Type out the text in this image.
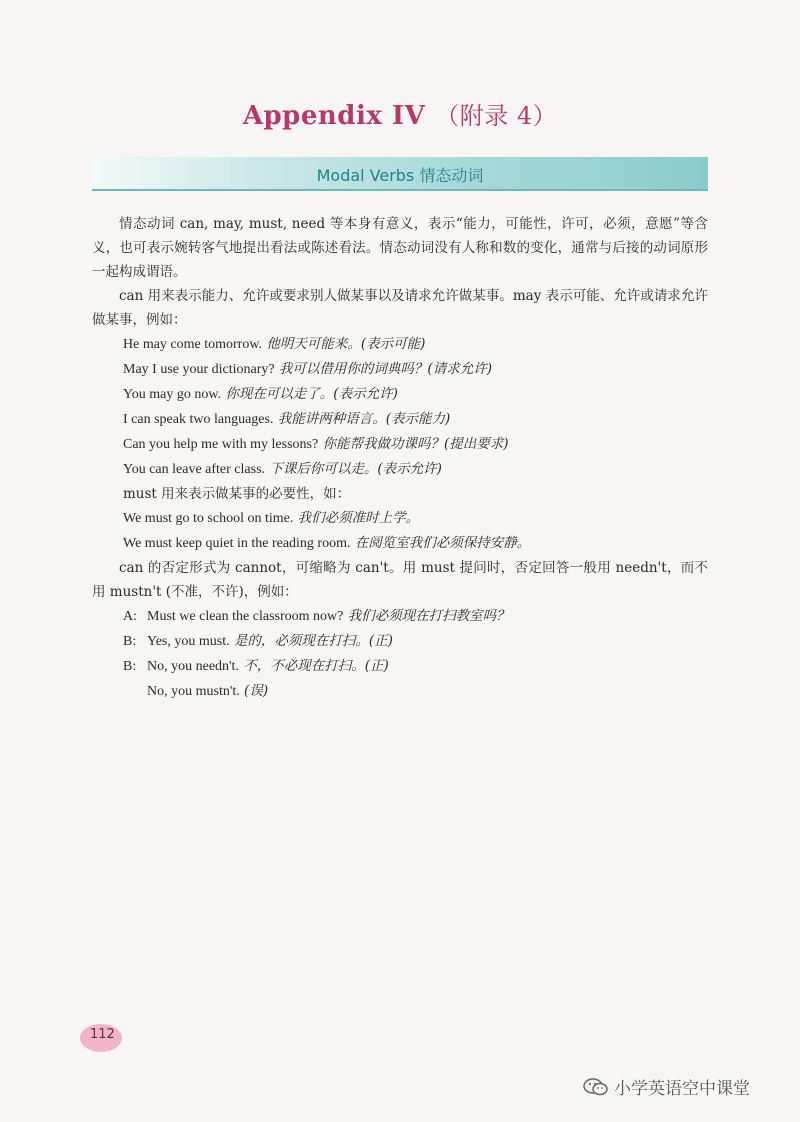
Appendix IV （附录 4）
Modal Verbs 情态动词

情态动词 can, may, must, need 等本身有意义，表示“能力，可能性，许可，必须，意愿”等含义，也可表示婉转客气地提出看法或陈述看法。情态动词没有人称和数的变化，通常与后接的动词原形一起构成谓语。

can 用来表示能力、允许或要求别人做某事以及请求允许做某事。may 表示可能、允许或请求允许做某事，例如：

He may come tomorrow. 他明天可能来。(表示可能)

May I use your dictionary? 我可以借用你的词典吗？(请求允许)

You may go now. 你现在可以走了。(表示允许)

I can speak two languages. 我能讲两种语言。(表示能力)

Can you help me with my lessons? 你能帮我做功课吗？(提出要求)

You can leave after class. 下课后你可以走。(表示允许)

must 用来表示做某事的必要性，如：

We must go to school on time. 我们必须准时上学。

We must keep quiet in the reading room. 在阅览室我们必须保持安静。

can 的否定形式为 cannot，可缩略为 can't。用 must 提问时，否定回答一般用 needn't，而不用 mustn't (不准，不许)，例如：

A: Must we clean the classroom now? 我们必须现在打扫教室吗？

B: Yes, you must. 是的，必须现在打扫。(正)

B: No, you needn't. 不，不必现在打扫。(正)

No, you mustn't. (误)

112
小学英语空中课堂
